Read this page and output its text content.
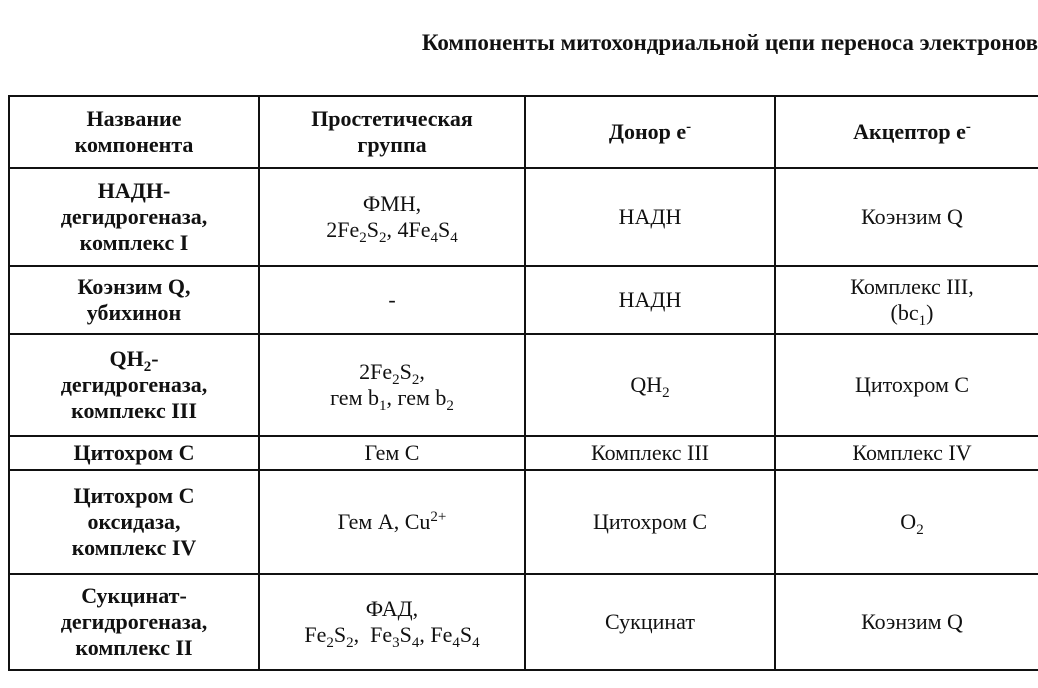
Компоненты митохондриальной цепи переноса электронов
Название
компонента	Простетическая
группа	Донор е-	Акцептор е-

НАДН-
дегидрогеназа,
комплекс I	ФМН,
$2Fe_2S_2$, $4Fe_4S_4$	НАДН	Коэнзим Q

Коэнзим Q,
убихинон	-	НАДН	Комплекс III,
$(bc_1)$

$QH_2-$
дегидрогеназа,
комплекс III	$2Fe_2S_2$,
гем $b_1$, гем $b_2$	$QH_2$	Цитохром С
Цитохром С	Гем С	Комплекс III	Комплекс IV

Цитохром С
оксидаза,
комплекс IV	Гем А, $Cu^{2+}$	Цитохром С	$O_2$

Сукцинат-
дегидрогеназа,
комплекс II	ФАД,
$Fe_2S_2$,  $Fe_3S_4$, $Fe_4S_4$	Сукцинат	Коэнзим Q
